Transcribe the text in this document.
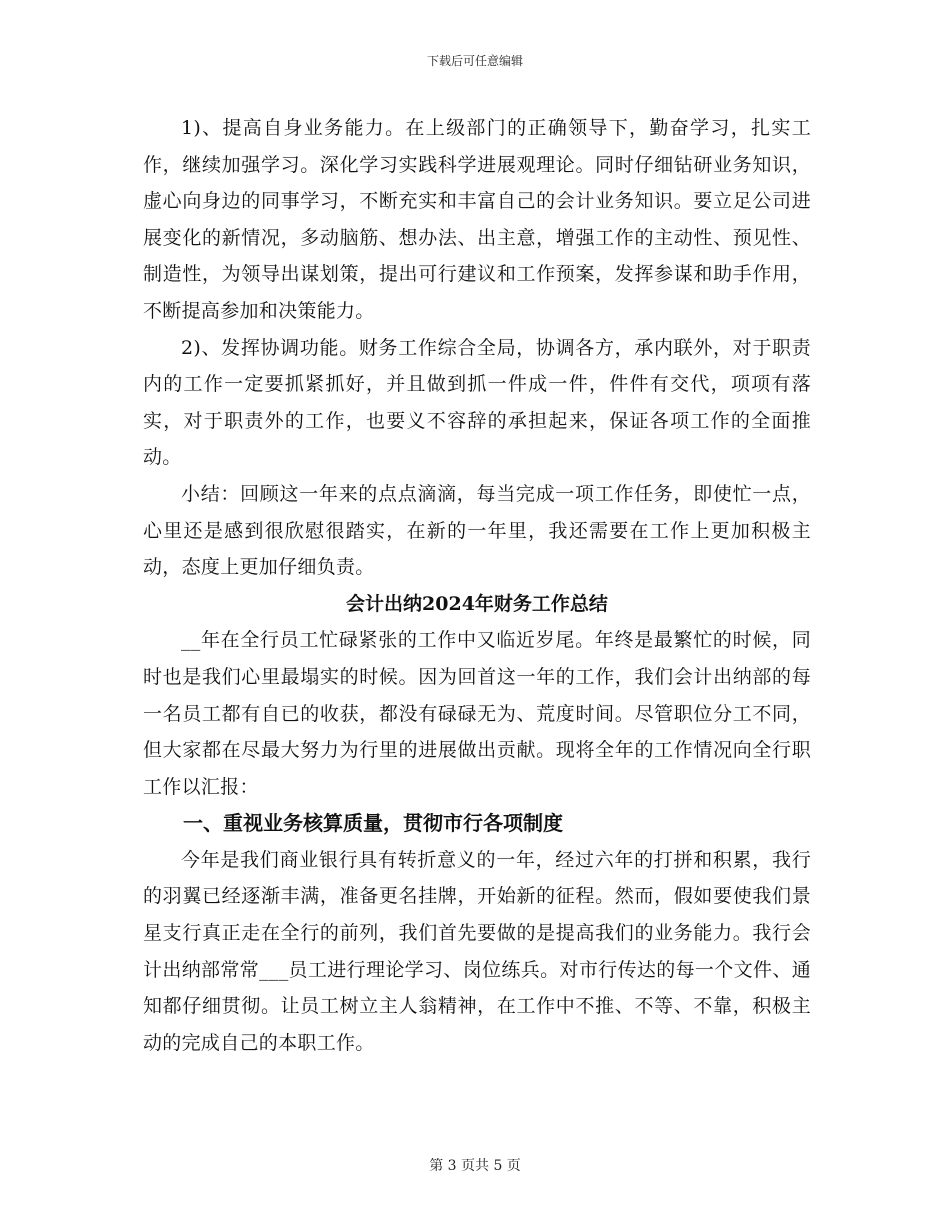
下载后可任意编辑

1)、提高自身业务能力。在上级部门的正确领导下，勤奋学习，扎实工作，继续加强学习。深化学习实践科学进展观理论。同时仔细钻研业务知识，虚心向身边的同事学习，不断充实和丰富自己的会计业务知识。要立足公司进展变化的新情况，多动脑筋、想办法、出主意，增强工作的主动性、预见性、制造性，为领导出谋划策，提出可行建议和工作预案，发挥参谋和助手作用，不断提高参加和决策能力。

2)、发挥协调功能。财务工作综合全局，协调各方，承内联外，对于职责内的工作一定要抓紧抓好，并且做到抓一件成一件，件件有交代，项项有落实，对于职责外的工作，也要义不容辞的承担起来，保证各项工作的全面推动。

小结：回顾这一年来的点点滴滴，每当完成一项工作任务，即使忙一点，心里还是感到很欣慰很踏实，在新的一年里，我还需要在工作上更加积极主动，态度上更加仔细负责。

会计出纳2024年财务工作总结

__年在全行员工忙碌紧张的工作中又临近岁尾。年终是最繁忙的时候，同时也是我们心里最塌实的时候。因为回首这一年的工作，我们会计出纳部的每一名员工都有自已的收获，都没有碌碌无为、荒度时间。尽管职位分工不同，但大家都在尽最大努力为行里的进展做出贡献。现将全年的工作情况向全行职工作以汇报：

一、重视业务核算质量，贯彻市行各项制度

今年是我们商业银行具有转折意义的一年，经过六年的打拼和积累，我行的羽翼已经逐渐丰满，准备更名挂牌，开始新的征程。然而，假如要使我们景星支行真正走在全行的前列，我们首先要做的是提高我们的业务能力。我行会计出纳部常常___员工进行理论学习、岗位练兵。对市行传达的每一个文件、通知都仔细贯彻。让员工树立主人翁精神，在工作中不推、不等、不靠，积极主动的完成自己的本职工作。

第 3 页共 5 页
